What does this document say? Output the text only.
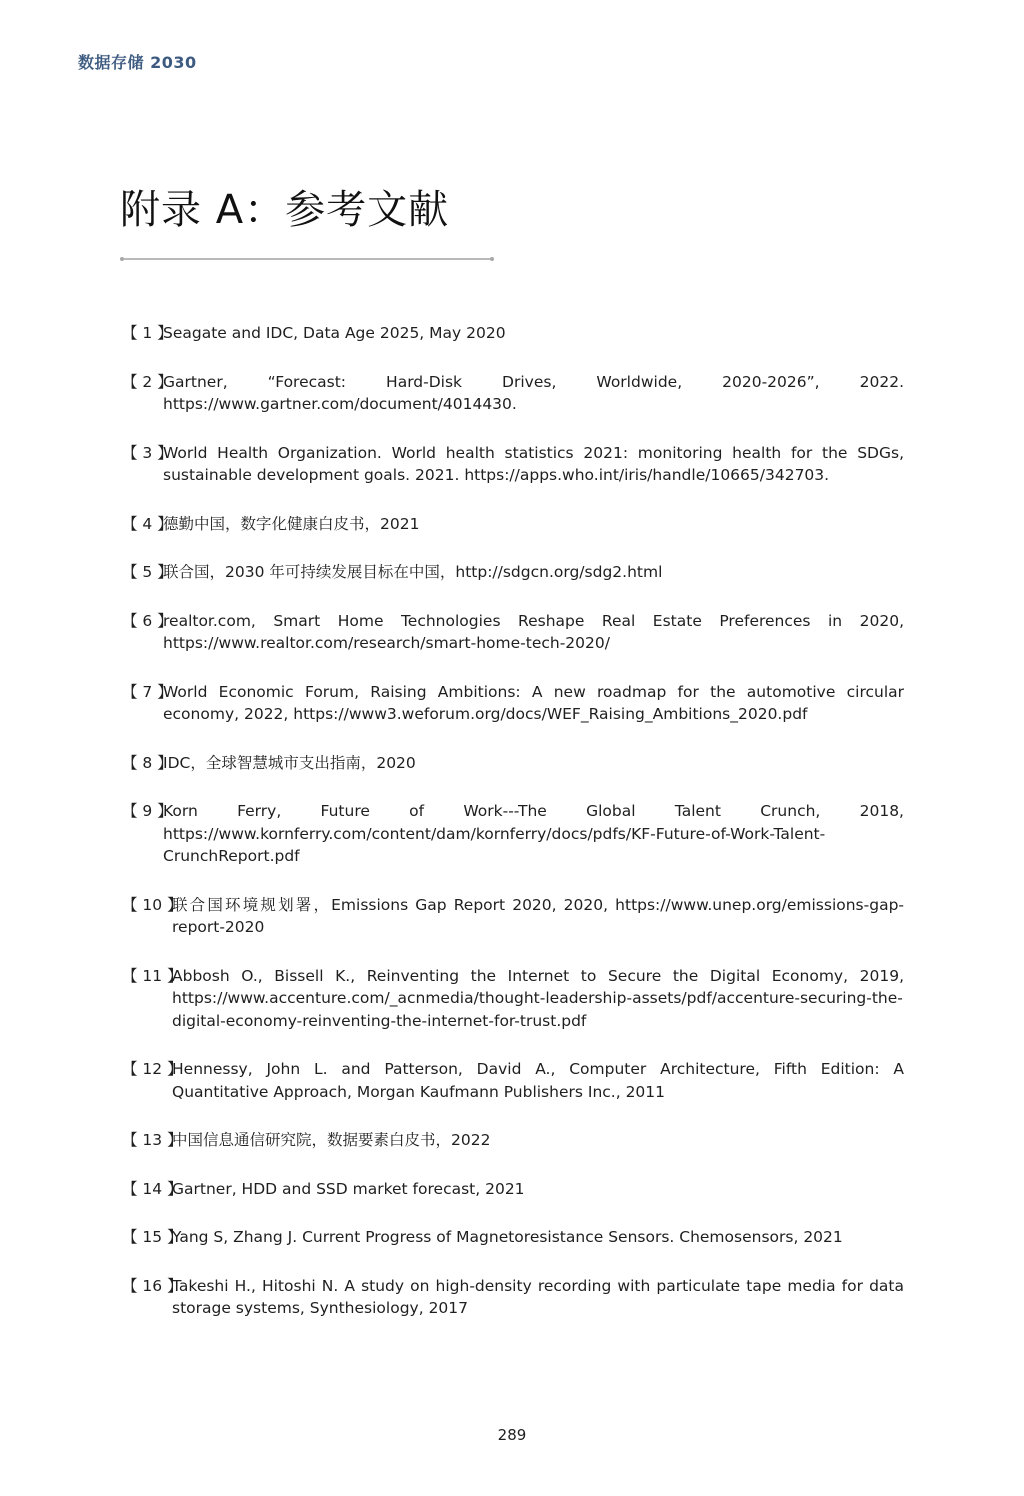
数据存储 2030
附录 A：参考文献
【 1 】
Seagate and IDC, Data Age 2025, May 2020
【 2 】
Gartner, “Forecast: Hard-Disk Drives, Worldwide, 2020-2026”, 2022. https://www.gartner.com/document/4014430.
【 3 】
World Health Organization. World health statistics 2021: monitoring health for the SDGs, sustainable development goals. 2021. https://apps.who.int/iris/handle/10665/342703.
【 4 】
德勤中国，数字化健康白皮书，2021
【 5 】
联合国，2030 年可持续发展目标在中国，http://sdgcn.org/sdg2.html
【 6 】
realtor.com, Smart Home Technologies Reshape Real Estate Preferences in 2020, https://www.realtor.com/research/smart-home-tech-2020/
【 7 】
World Economic Forum, Raising Ambitions: A new roadmap for the automotive circular economy, 2022, https://www3.weforum.org/docs/WEF_Raising_Ambitions_2020.pdf
【 8 】
IDC，全球智慧城市支出指南，2020
【 9 】
Korn Ferry, Future of Work---The Global Talent Crunch, 2018, https://www.kornferry.com/content/dam/kornferry/docs/pdfs/KF-Future-of-Work-Talent-CrunchReport.pdf
【 10 】
联合国环境规划署，Emissions Gap Report 2020, 2020, https://www.unep.org/emissions-gap-report-2020
【 11 】
Abbosh O., Bissell K., Reinventing the Internet to Secure the Digital Economy, 2019, https://www.accenture.com/_acnmedia/thought-leadership-assets/pdf/accenture-securing-the-digital-economy-reinventing-the-internet-for-trust.pdf
【 12 】
Hennessy, John L. and Patterson, David A., Computer Architecture, Fifth Edition: A Quantitative Approach, Morgan Kaufmann Publishers Inc., 2011
【 13 】
中国信息通信研究院，数据要素白皮书，2022
【 14 】
Gartner, HDD and SSD market forecast, 2021
【 15 】
Yang S, Zhang J. Current Progress of Magnetoresistance Sensors. Chemosensors, 2021
【 16 】
Takeshi H., Hitoshi N. A study on high-density recording with particulate tape media for data storage systems, Synthesiology, 2017
289
